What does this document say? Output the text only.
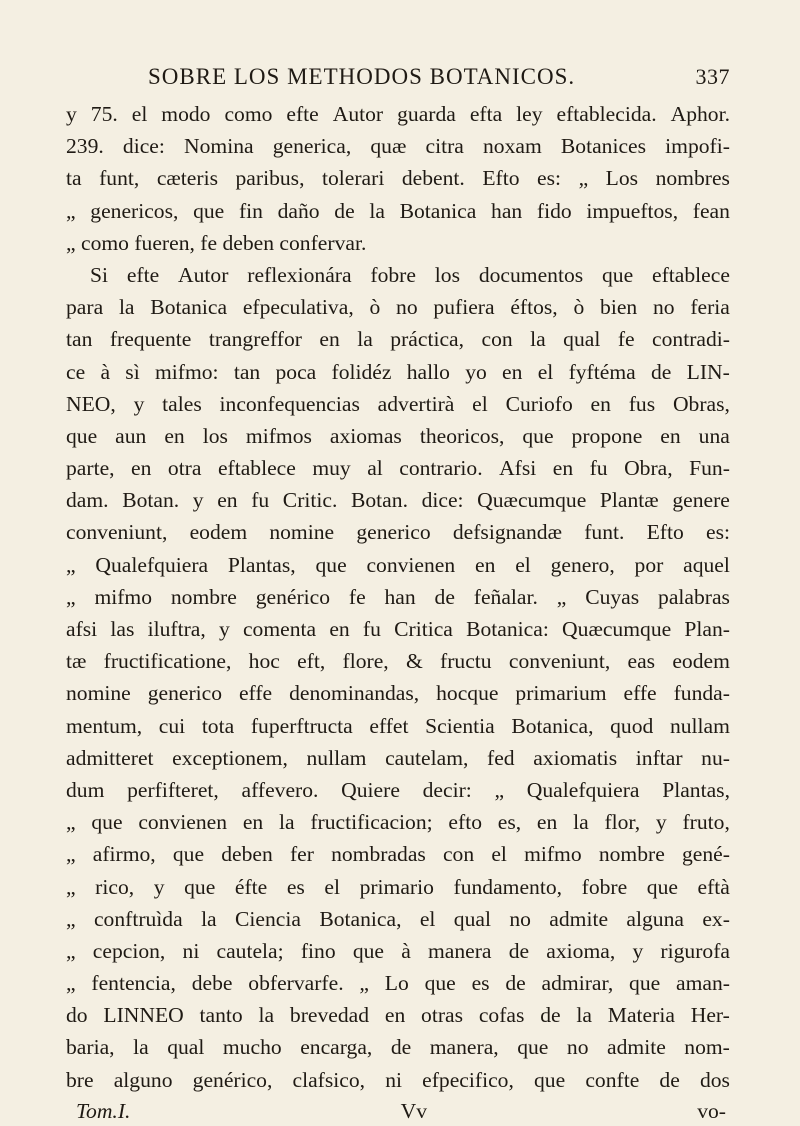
SOBRE LOS METHODOS BOTANICOS.	337
y 75. el modo como efte Autor guarda efta ley eftablecida. Aphor.
239. dice: Nomina generica, quæ citra noxam Botanices impofi-
ta funt, cæteris paribus, tolerari debent. Efto es: „ Los nombres
„ genericos, que fin daño de la Botanica han fido impueftos, fean
„ como fueren, fe deben confervar.
Si efte Autor reflexionára fobre los documentos que eftablece
para la Botanica efpeculativa, ò no pufiera éftos, ò bien no feria
tan frequente trangreffor en la práctica, con la qual fe contradi-
ce à sì mifmo: tan poca folidéz hallo yo en el fyftéma de LIN-
NEO, y tales inconfequencias advertirà el Curiofo en fus Obras,
que aun en los mifmos axiomas theoricos, que propone en una
parte, en otra eftablece muy al contrario. Afsi en fu Obra, Fun-
dam. Botan. y en fu Critic. Botan. dice: Quæcumque Plantæ genere
conveniunt, eodem nomine generico defsignandæ funt. Efto es:
„ Qualefquiera Plantas, que convienen en el genero, por aquel
„ mifmo nombre genérico fe han de feñalar. „ Cuyas palabras
afsi las iluftra, y comenta en fu Critica Botanica: Quæcumque Plan-
tæ fructificatione, hoc eft, flore, & fructu conveniunt, eas eodem
nomine generico effe denominandas, hocque primarium effe funda-
mentum, cui tota fuperftructa effet Scientia Botanica, quod nullam
admitteret exceptionem, nullam cautelam, fed axiomatis inftar nu-
dum perfifteret, affevero. Quiere decir: „ Qualefquiera Plantas,
„ que convienen en la fructificacion; efto es, en la flor, y fruto,
„ afirmo, que deben fer nombradas con el mifmo nombre gené-
„ rico, y que éfte es el primario fundamento, fobre que eftà
„ conftruìda la Ciencia Botanica, el qual no admite alguna ex-
„ cepcion, ni cautela; fino que à manera de axioma, y rigurofa
„ fentencia, debe obfervarfe. „ Lo que es de admirar, que aman-
do LINNEO tanto la brevedad en otras cofas de la Materia Her-
baria, la qual mucho encarga, de manera, que no admite nom-
bre alguno genérico, clafsico, ni efpecifico, que confte de dos
Tom.I.	Vv	vo-
